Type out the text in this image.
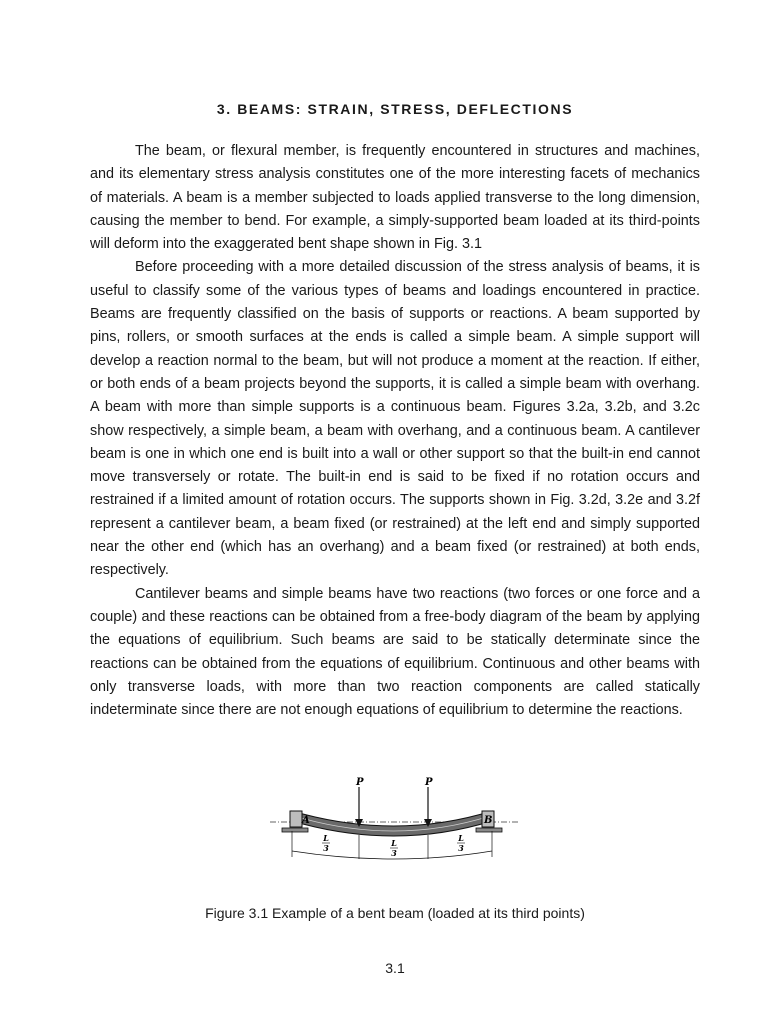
3. BEAMS: STRAIN, STRESS, DEFLECTIONS

The beam, or flexural member, is frequently encountered in structures and machines, and its elementary stress analysis constitutes one of the more interesting facets of mechanics of materials. A beam is a member subjected to loads applied transverse to the long dimension, causing the member to bend. For example, a simply-supported beam loaded at its third-points will deform into the exaggerated bent shape shown in Fig. 3.1

Before proceeding with a more detailed discussion of the stress analysis of beams, it is useful to classify some of the various types of beams and loadings encountered in practice. Beams are frequently classified on the basis of supports or reactions. A beam supported by pins, rollers, or smooth surfaces at the ends is called a simple beam. A simple support will develop a reaction normal to the beam, but will not produce a moment at the reaction. If either, or both ends of a beam projects beyond the supports, it is called a simple beam with overhang. A beam with more than simple supports is a continuous beam. Figures 3.2a, 3.2b, and 3.2c show respectively, a simple beam, a beam with overhang, and a continuous beam. A cantilever beam is one in which one end is built into a wall or other support so that the built-in end cannot move transversely or rotate. The built-in end is said to be fixed if no rotation occurs and restrained if a limited amount of rotation occurs. The supports shown in Fig. 3.2d, 3.2e and 3.2f represent a cantilever beam, a beam fixed (or restrained) at the left end and simply supported near the other end (which has an overhang) and a beam fixed (or restrained) at both ends, respectively.

Cantilever beams and simple beams have two reactions (two forces or one force and a couple) and these reactions can be obtained from a free-body diagram of the beam by applying the equations of equilibrium. Such beams are said to be statically determinate since the reactions can be obtained from the equations of equilibrium. Continuous and other beams with only transverse loads, with more than two reaction components are called statically indeterminate since there are not enough equations of equilibrium to determine the reactions.

A	B
P	P
L
3	L
3
L
3
Figure 3.1 Example of a bent beam (loaded at its third points)
3.1
